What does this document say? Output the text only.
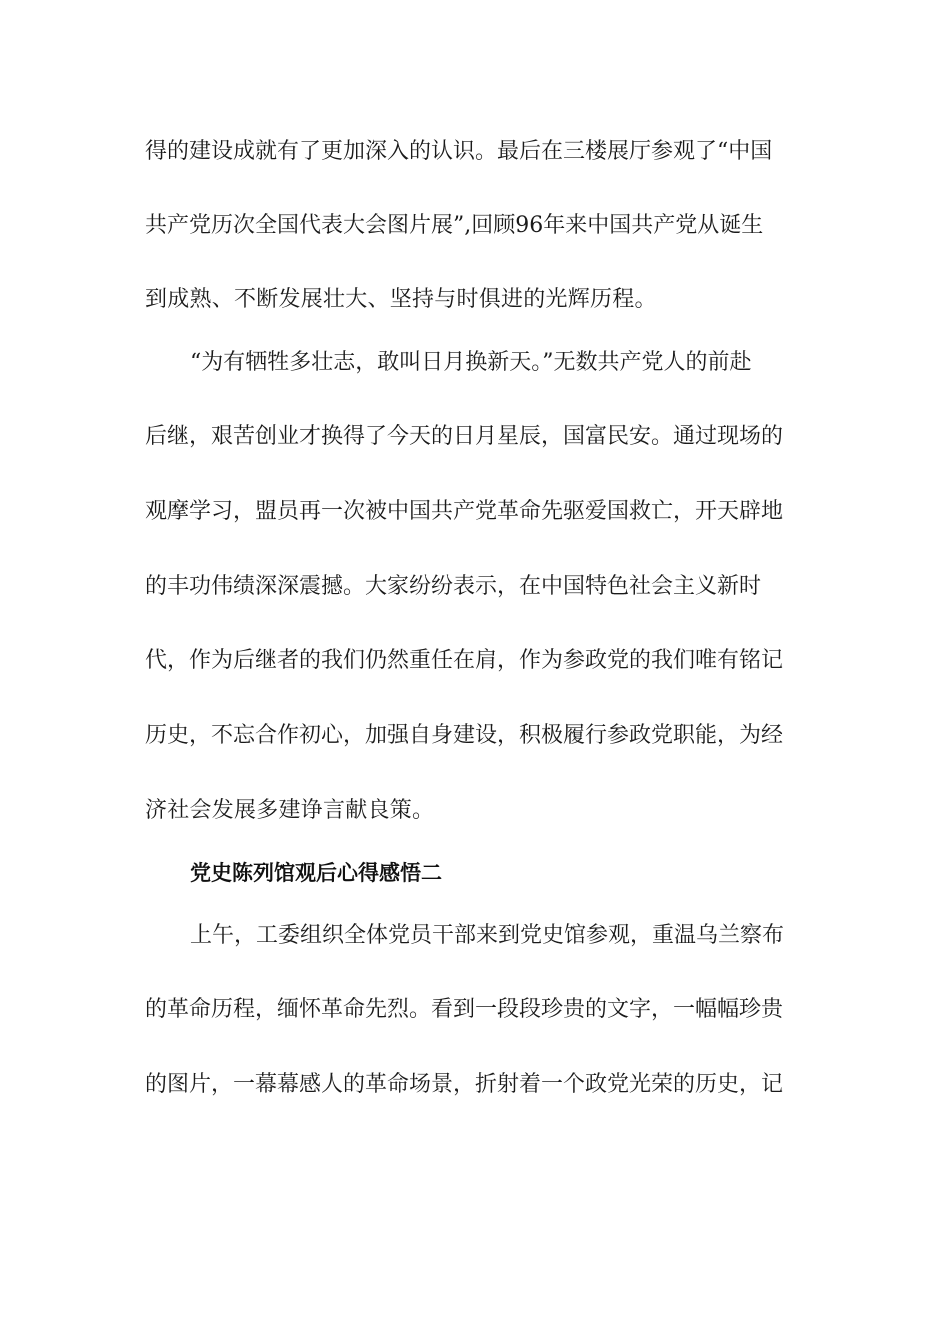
得的建设成就有了更加深入的认识。最后在三楼展厅参观了“中国
共产党历次全国代表大会图片展”,回顾96年来中国共产党从诞生
到成熟、不断发展壮大、坚持与时俱进的光辉历程。
“为有牺牲多壮志，敢叫日月换新天。”无数共产党人的前赴
后继，艰苦创业才换得了今天的日月星辰，国富民安。通过现场的
观摩学习，盟员再一次被中国共产党革命先驱爱国救亡，开天辟地
的丰功伟绩深深震撼。大家纷纷表示，在中国特色社会主义新时
代，作为后继者的我们仍然重任在肩，作为参政党的我们唯有铭记
历史，不忘合作初心，加强自身建设，积极履行参政党职能，为经
济社会发展多建诤言献良策。
党史陈列馆观后心得感悟二
上午，工委组织全体党员干部来到党史馆参观，重温乌兰察布
的革命历程，缅怀革命先烈。看到一段段珍贵的文字，一幅幅珍贵
的图片，一幕幕感人的革命场景，折射着一个政党光荣的历史，记
